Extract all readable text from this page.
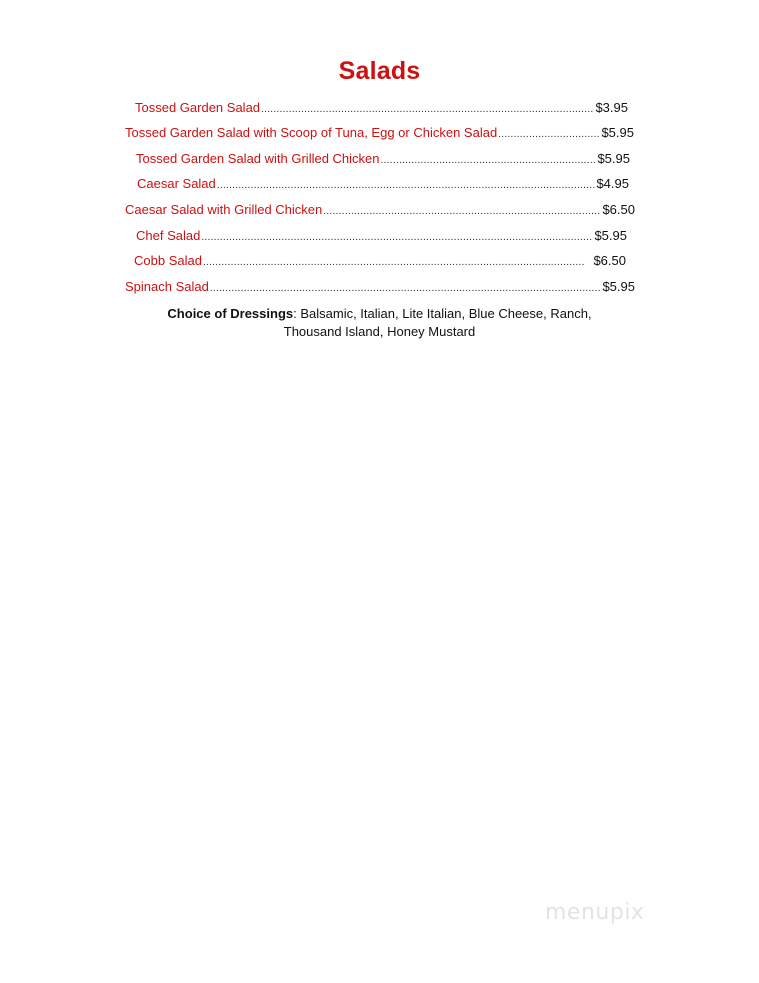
Salads
Tossed Garden Salad .....	$3.95
Tossed Garden Salad with Scoop of Tuna, Egg or Chicken Salad .....	$5.95
Tossed Garden Salad with Grilled Chicken .....	$5.95
Caesar Salad .....	$4.95
Caesar Salad with Grilled Chicken .....	$6.50
Chef Salad .....	$5.95
Cobb Salad .....	$6.50
Spinach Salad .....	$5.95
Choice of Dressings: Balsamic, Italian, Lite Italian, Blue Cheese, Ranch,
Thousand Island, Honey Mustard
menupix
